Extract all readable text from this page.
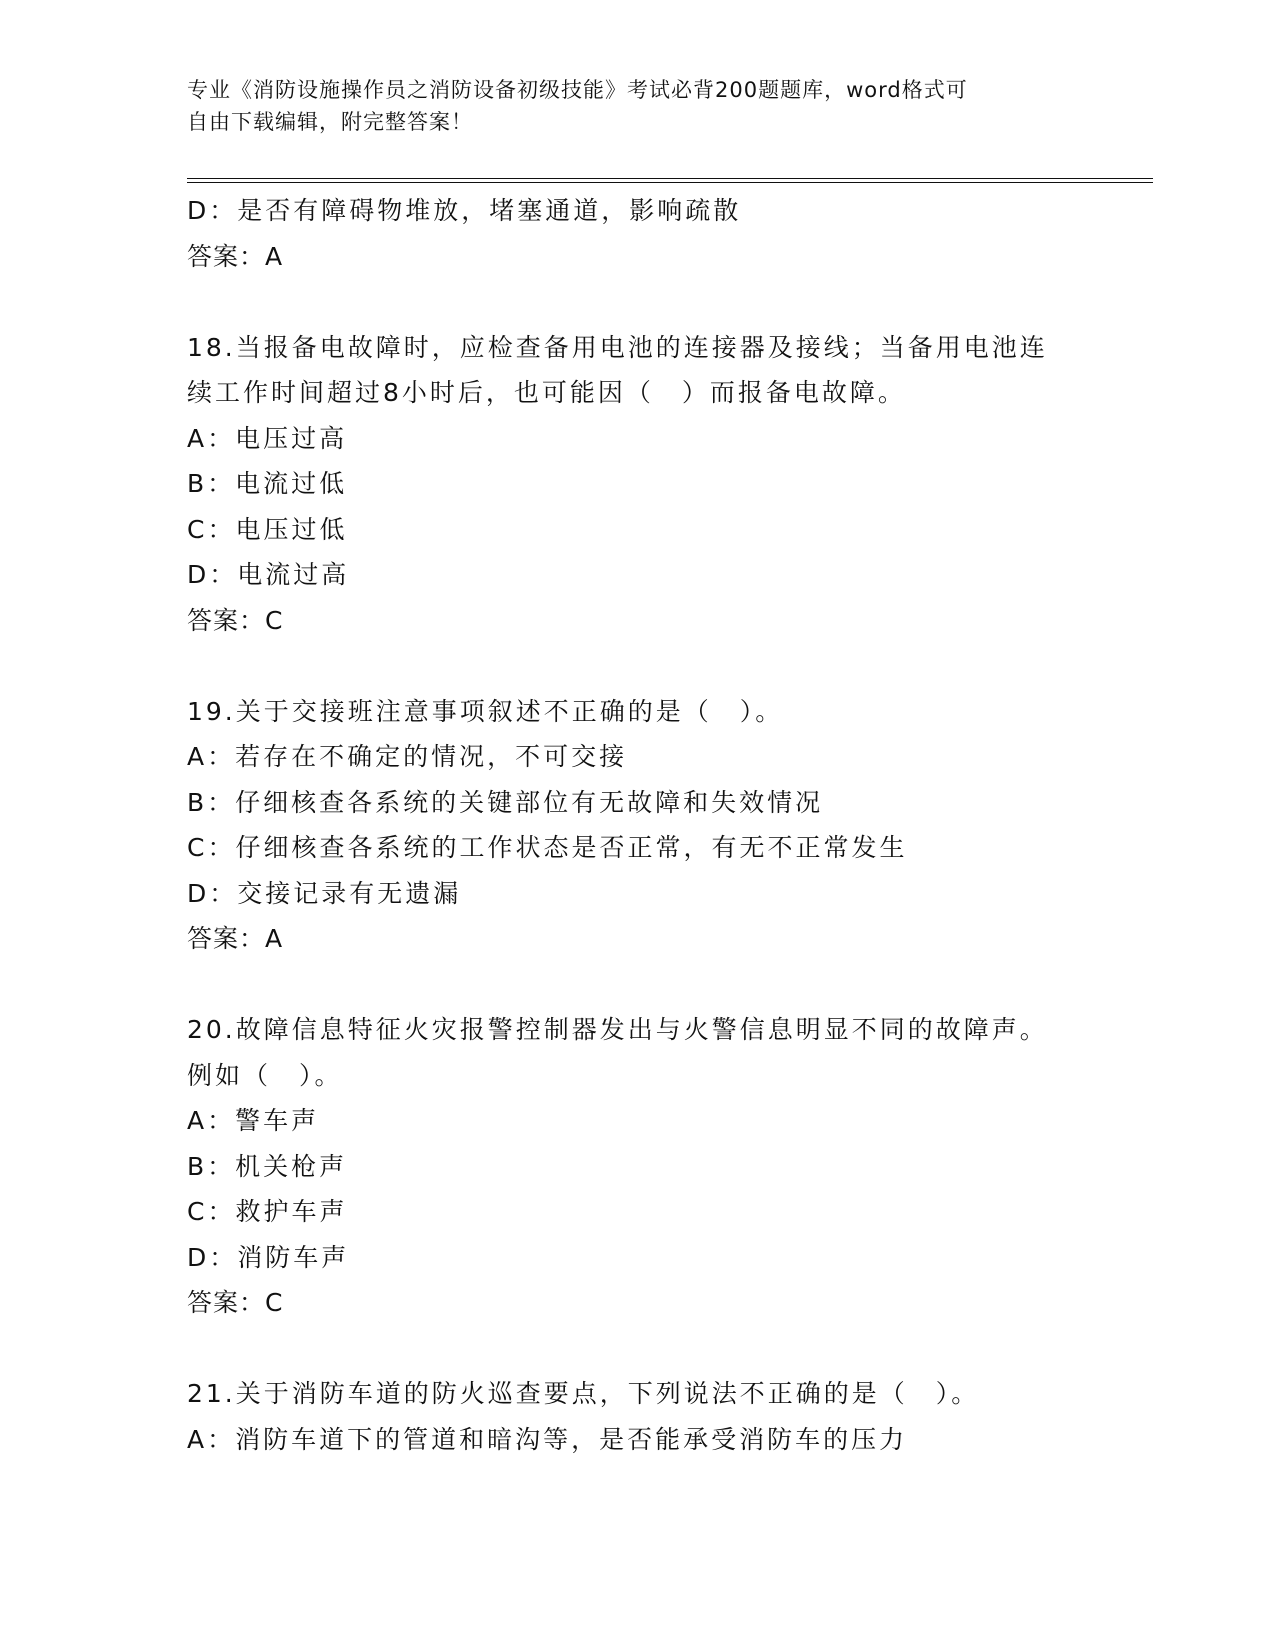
专业《消防设施操作员之消防设备初级技能》考试必背200题题库，word格式可
自由下载编辑，附完整答案！
D：是否有障碍物堆放，堵塞通道，影响疏散
答案：A
18.当报备电故障时，应检查备用电池的连接器及接线；当备用电池连
续工作时间超过8小时后，也可能因（　）而报备电故障。
A：电压过高
B：电流过低
C：电压过低
D：电流过高
答案：C
19.关于交接班注意事项叙述不正确的是（　）。
A：若存在不确定的情况，不可交接
B：仔细核查各系统的关键部位有无故障和失效情况
C：仔细核查各系统的工作状态是否正常，有无不正常发生
D：交接记录有无遗漏
答案：A
20.故障信息特征火灾报警控制器发出与火警信息明显不同的故障声。
例如（　）。
A：警车声
B：机关枪声
C：救护车声
D：消防车声
答案：C
21.关于消防车道的防火巡查要点，下列说法不正确的是（　）。
A：消防车道下的管道和暗沟等，是否能承受消防车的压力
